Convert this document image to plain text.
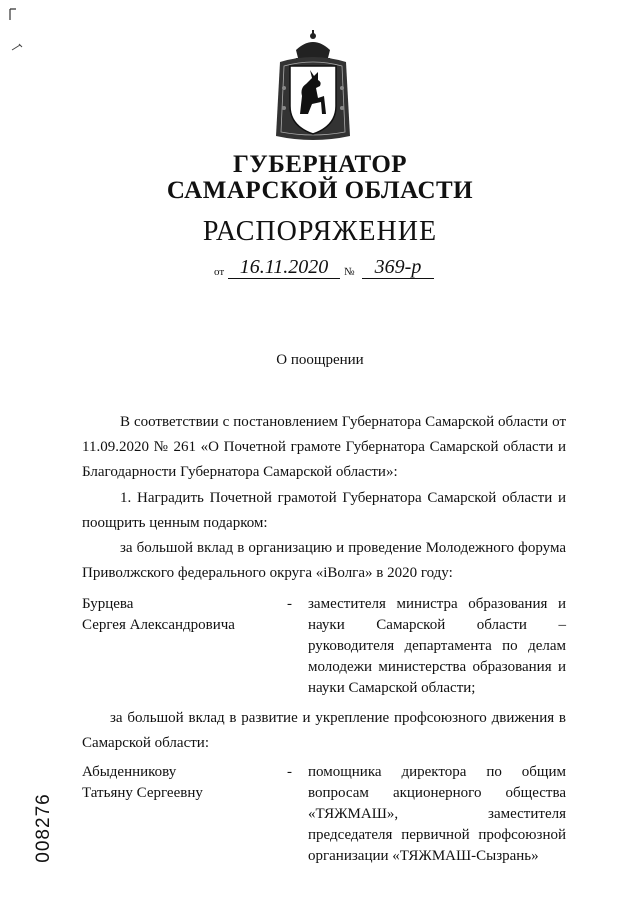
ГУБЕРНАТОР
САМАРСКОЙ ОБЛАСТИ
РАСПОРЯЖЕНИЕ
от 16.11.2020	№	369-р
О поощрении
В соответствии с постановлением Губернатора Самарской области от 11.09.2020 № 261 «О Почетной грамоте Губернатора Самарской области и Благодарности Губернатора Самарской области»:
1. Наградить Почетной грамотой Губернатора Самарской области и поощрить ценным подарком:
за большой вклад в организацию и проведение Молодежного форума Приволжского федерального округа «iВолга» в 2020 году:
Бурцева
Сергея Александровича
- заместителя министра образования и науки Самарской области – руководителя департамента по делам молодежи министерства образования и науки Самарской области;
за большой вклад в развитие и укрепление профсоюзного движения в Самарской области:
Абыденникову
Татьяну Сергеевну
- помощника директора по общим вопросам акционерного общества «ТЯЖМАШ», заместителя председателя первичной профсоюзной организации «ТЯЖМАШ-Сызрань»
008276
